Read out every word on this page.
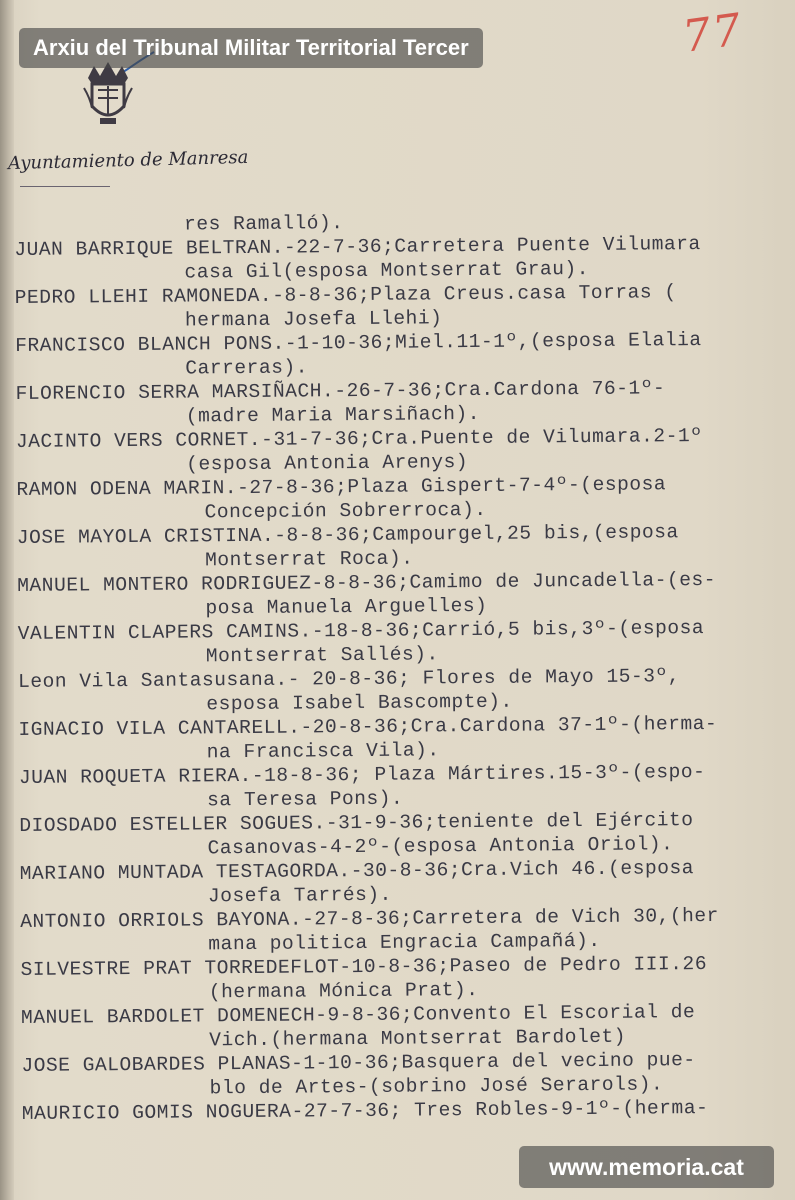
77
Ayuntamiento de Manresa
res Ramalló).
JUAN BARRIQUE BELTRAN.-22-7-36;Carretera Puente Vilumara
casa Gil(esposa Montserrat Grau).
PEDRO LLEHI RAMONEDA.-8-8-36;Plaza Creus.casa Torras (
hermana Josefa Llehi)
FRANCISCO BLANCH PONS.-1-10-36;Miel.11-1º,(esposa Elalia
Carreras).
FLORENCIO SERRA MARSIÑACH.-26-7-36;Cra.Cardona 76-1º-
(madre Maria Marsiñach).
JACINTO VERS CORNET.-31-7-36;Cra.Puente de Vilumara.2-1º
(esposa Antonia Arenys)
RAMON ODENA MARIN.-27-8-36;Plaza Gispert-7-4º-(esposa
Concepción Sobrerroca).
JOSE MAYOLA CRISTINA.-8-8-36;Campourgel,25 bis,(esposa
Montserrat Roca).
MANUEL MONTERO RODRIGUEZ-8-8-36;Camimo de Juncadella-(es-
posa Manuela Arguelles)
VALENTIN CLAPERS CAMINS.-18-8-36;Carrió,5 bis,3º-(esposa
Montserrat Sallés).
Leon Vila Santasusana.- 20-8-36; Flores de Mayo 15-3º,
esposa Isabel Bascompte).
IGNACIO VILA CANTARELL.-20-8-36;Cra.Cardona 37-1º-(herma-
na Francisca Vila).
JUAN ROQUETA RIERA.-18-8-36; Plaza Mártires.15-3º-(espo-
sa Teresa Pons).
DIOSDADO ESTELLER SOGUES.-31-9-36;teniente del Ejército
Casanovas-4-2º-(esposa Antonia Oriol).
MARIANO MUNTADA TESTAGORDA.-30-8-36;Cra.Vich 46.(esposa
Josefa Tarrés).
ANTONIO ORRIOLS BAYONA.-27-8-36;Carretera de Vich 30,(her
mana politica Engracia Campañá).
SILVESTRE PRAT TORREDEFLOT-10-8-36;Paseo de Pedro III.26
(hermana Mónica Prat).
MANUEL BARDOLET DOMENECH-9-8-36;Convento El Escorial de
Vich.(hermana Montserrat Bardolet)
JOSE GALOBARDES PLANAS-1-10-36;Basquera del vecino pue-
blo de Artes-(sobrino José Serarols).
MAURICIO GOMIS NOGUERA-27-7-36; Tres Robles-9-1º-(herma-
Arxiu del Tribunal Militar Territorial Tercer
www.memoria.cat
